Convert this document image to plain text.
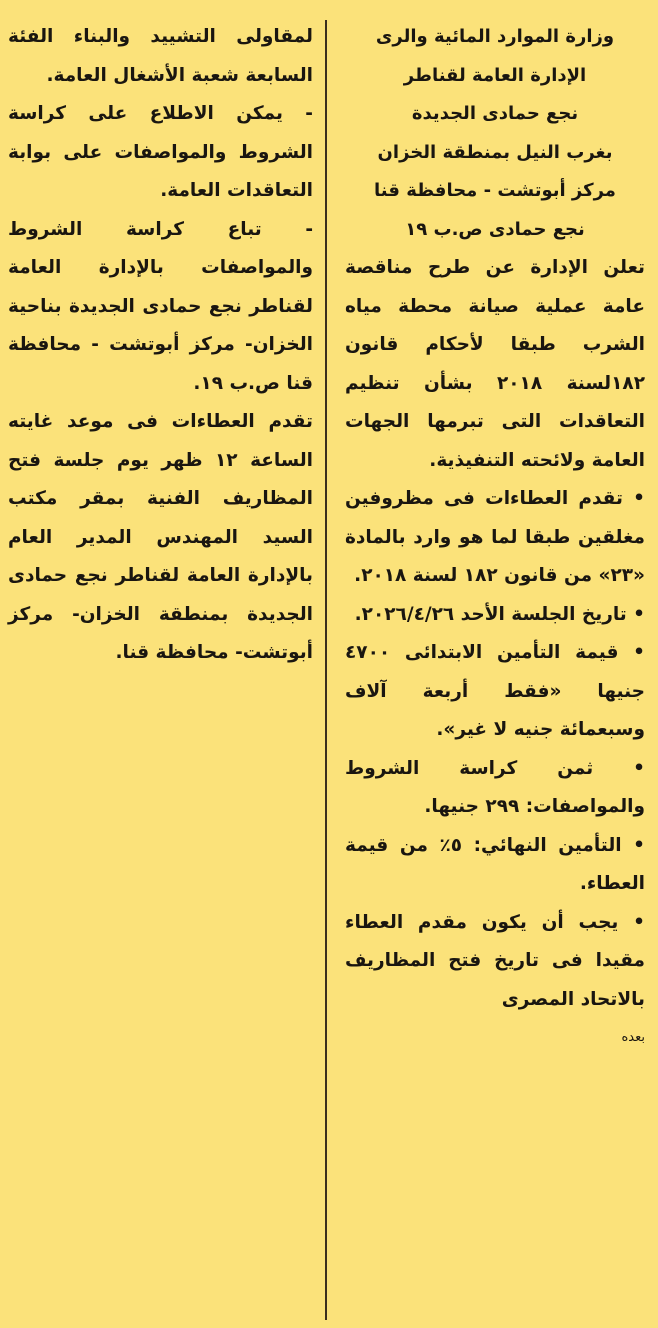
وزارة الموارد المائية والرى
الإدارة العامة لقناطر
نجع حمادى الجديدة
بغرب النيل بمنطقة الخزان
مركز أبوتشت - محافظة قنا
نجع حمادى ص.ب ١٩

تعلن الإدارة عن طرح مناقصة عامة عملية صيانة محطة مياه الشرب طبقا لأحكام قانون ١٨٢لسنة ٢٠١٨ بشأن تنظيم التعاقدات التى تبرمها الجهات العامة ولائحته التنفيذية.

• تقدم العطاءات فى مظروفين مغلقين طبقا لما هو وارد بالمادة «٢٣» من قانون ١٨٢ لسنة ٢٠١٨.

• تاريخ الجلسة الأحد ٢٠٢٦/٤/٢٦.

• قيمة التأمين الابتدائى ٤٧٠٠ جنيها «فقط أربعة آلاف وسبعمائة جنيه لا غير».

• ثمن كراسة الشروط والمواصفات: ٢٩٩ جنيها.

• التأمين النهائي: ٥٪ من قيمة العطاء.

• يجب أن يكون مقدم العطاء مقيدا فى تاريخ فتح المظاريف بالاتحاد المصرى

بعده

لمقاولى التشييد والبناء الفئة السابعة شعبة الأشغال العامة.

- يمكن الاطلاع على كراسة الشروط والمواصفات على بوابة التعاقدات العامة.

- تباع كراسة الشروط والمواصفات بالإدارة العامة لقناطر نجع حمادى الجديدة بناحية الخزان- مركز أبوتشت - محافظة قنا ص.ب ١٩.

تقدم العطاءات فى موعد غايته الساعة ١٢ ظهر يوم جلسة فتح المظاريف الفنية بمقر مكتب السيد المهندس المدير العام بالإدارة العامة لقناطر نجع حمادى الجديدة بمنطقة الخزان- مركز أبوتشت- محافظة قنا.
